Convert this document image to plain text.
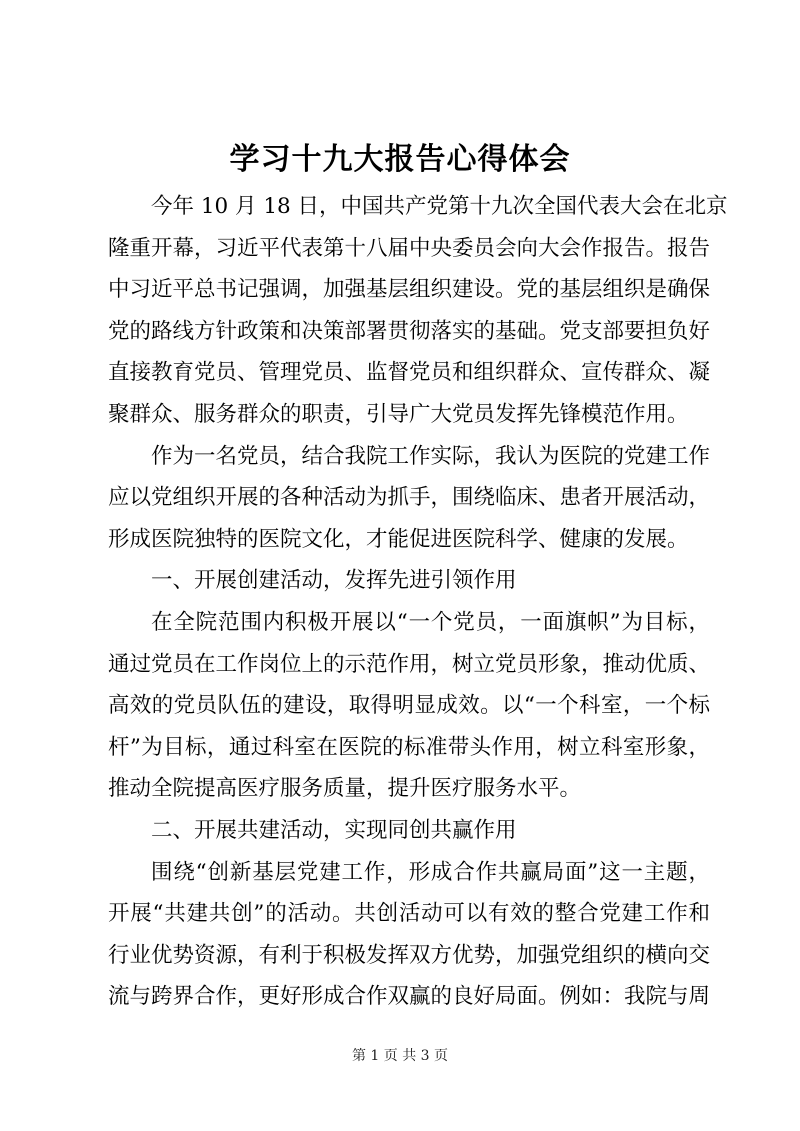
学习十九大报告心得体会
今年 10 月 18 日，中国共产党第十九次全国代表大会在北京
隆重开幕，习近平代表第十八届中央委员会向大会作报告。报告
中习近平总书记强调，加强基层组织建设。党的基层组织是确保
党的路线方针政策和决策部署贯彻落实的基础。党支部要担负好
直接教育党员、管理党员、监督党员和组织群众、宣传群众、凝
聚群众、服务群众的职责，引导广大党员发挥先锋模范作用。
作为一名党员，结合我院工作实际，我认为医院的党建工作
应以党组织开展的各种活动为抓手，围绕临床、患者开展活动，
形成医院独特的医院文化，才能促进医院科学、健康的发展。
一、开展创建活动，发挥先进引领作用
在全院范围内积极开展以“一个党员，一面旗帜”为目标，
通过党员在工作岗位上的示范作用，树立党员形象，推动优质、
高效的党员队伍的建设，取得明显成效。以“一个科室，一个标
杆”为目标，通过科室在医院的标准带头作用，树立科室形象，
推动全院提高医疗服务质量，提升医疗服务水平。
二、开展共建活动，实现同创共赢作用
围绕“创新基层党建工作，形成合作共赢局面”这一主题，
开展“共建共创”的活动。共创活动可以有效的整合党建工作和
行业优势资源，有利于积极发挥双方优势，加强党组织的横向交
流与跨界合作，更好形成合作双赢的良好局面。例如：我院与周
第 1 页 共 3 页
